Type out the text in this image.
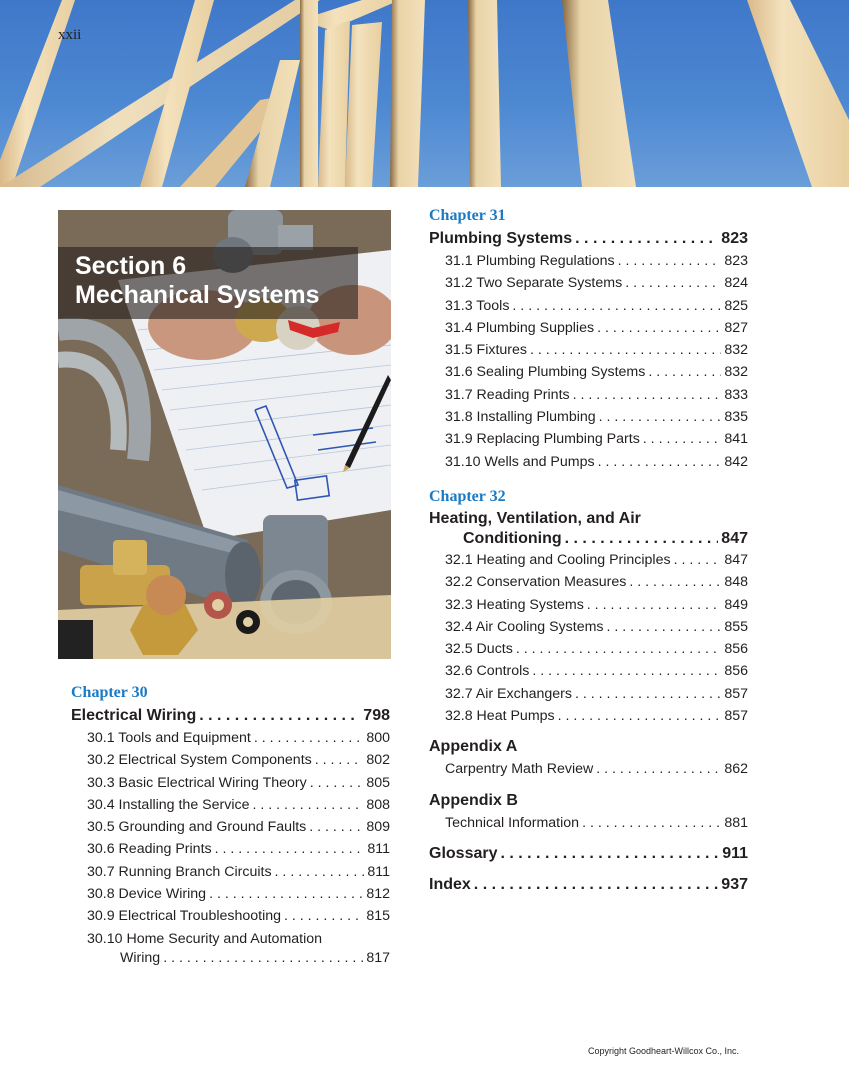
xxii
Section 6
Mechanical Systems
Chapter 30
Electrical Wiring . . .	798
30.1 Tools and Equipment . . .	800
30.2 Electrical System Components . . .	802
30.3 Basic Electrical Wiring Theory . . .	805
30.4 Installing the Service . . .	808
30.5 Grounding and Ground Faults . . .	809
30.6 Reading Prints . . .	811
30.7 Running Branch Circuits . . .	811
30.8 Device Wiring . . .	812
30.9 Electrical Troubleshooting . . .	815
30.10 Home Security and Automation
Wiring . . .	817
Chapter 31
Plumbing Systems . . .	823
31.1 Plumbing Regulations . . .	823
31.2 Two Separate Systems . . .	824
31.3 Tools . . .	825
31.4 Plumbing Supplies . . .	827
31.5 Fixtures . . .	832
31.6 Sealing Plumbing Systems . . .	832
31.7 Reading Prints . . .	833
31.8 Installing Plumbing . . .	835
31.9 Replacing Plumbing Parts . . .	841
31.10 Wells and Pumps . . .	842
Chapter 32
Heating, Ventilation, and Air
Conditioning . . .	847
32.1 Heating and Cooling Principles . . .	847
32.2 Conservation Measures . . .	848
32.3 Heating Systems . . .	849
32.4 Air Cooling Systems . . .	855
32.5 Ducts . . .	856
32.6 Controls . . .	856
32.7 Air Exchangers . . .	857
32.8 Heat Pumps . . .	857
Appendix A
Carpentry Math Review . . .	862
Appendix B
Technical Information . . .	881
Glossary . . .	911
Index . . .	937
Copyright Goodheart-Willcox Co., Inc.
